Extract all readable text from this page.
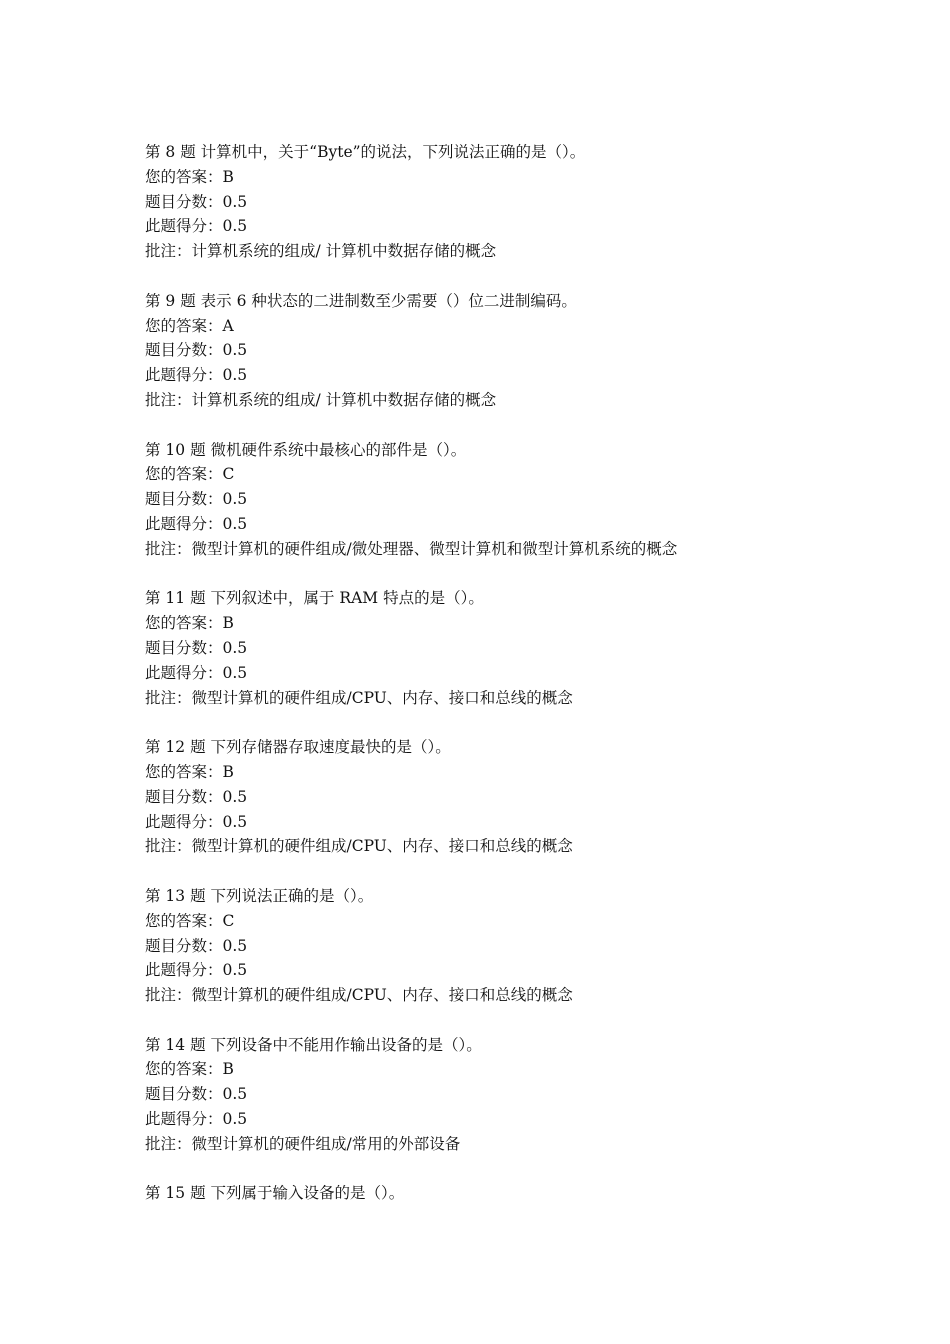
第 8 题 计算机中，关于“Byte”的说法，下列说法正确的是（）。
您的答案：B
题目分数：0.5
此题得分：0.5
批注：计算机系统的组成/ 计算机中数据存储的概念
第 9 题 表示 6 种状态的二进制数至少需要（）位二进制编码。
您的答案：A
题目分数：0.5
此题得分：0.5
批注：计算机系统的组成/ 计算机中数据存储的概念
第 10 题 微机硬件系统中最核心的部件是（）。
您的答案：C
题目分数：0.5
此题得分：0.5
批注：微型计算机的硬件组成/微处理器、微型计算机和微型计算机系统的概念
第 11 题 下列叙述中，属于 RAM 特点的是（）。
您的答案：B
题目分数：0.5
此题得分：0.5
批注：微型计算机的硬件组成/CPU、内存、接口和总线的概念
第 12 题 下列存储器存取速度最快的是（）。
您的答案：B
题目分数：0.5
此题得分：0.5
批注：微型计算机的硬件组成/CPU、内存、接口和总线的概念
第 13 题 下列说法正确的是（）。
您的答案：C
题目分数：0.5
此题得分：0.5
批注：微型计算机的硬件组成/CPU、内存、接口和总线的概念
第 14 题 下列设备中不能用作输出设备的是（）。
您的答案：B
题目分数：0.5
此题得分：0.5
批注：微型计算机的硬件组成/常用的外部设备
第 15 题 下列属于输入设备的是（）。
